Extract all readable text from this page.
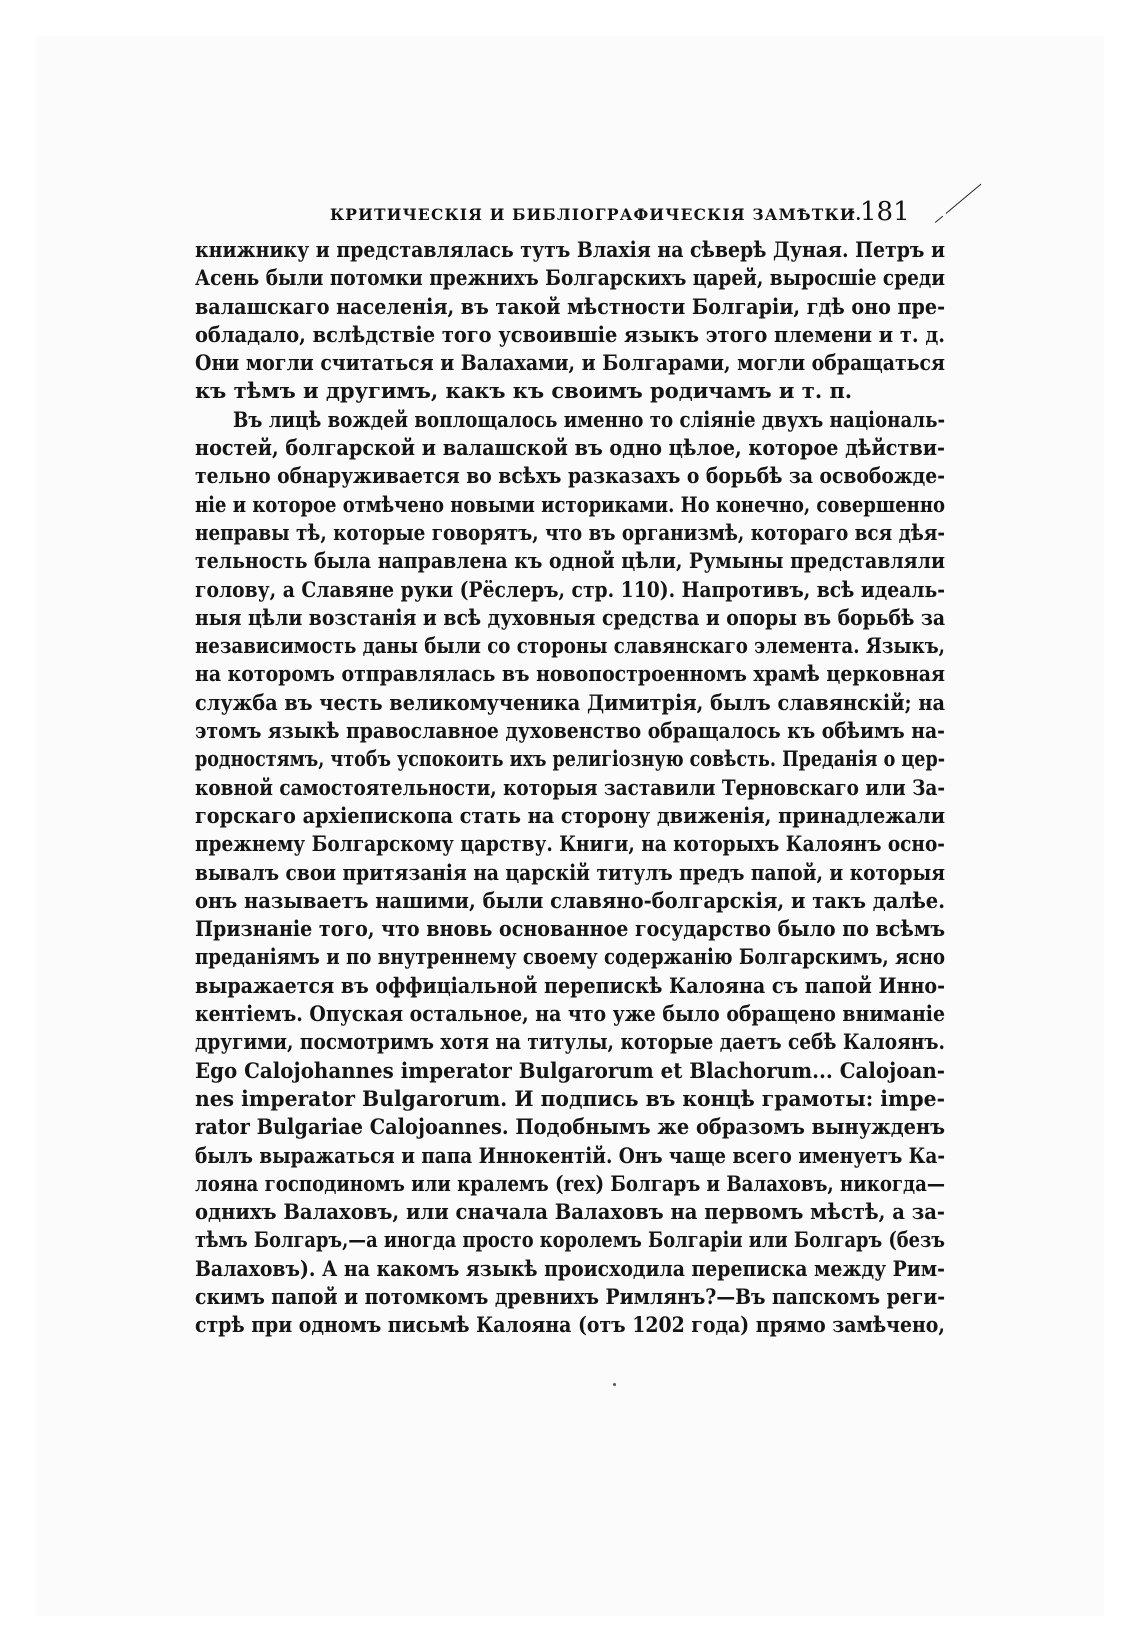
КРИТИЧЕСКІЯ И БИБЛІОГРАФИЧЕСКІЯ ЗАМѢТКИ.
· 181
книжнику и представлялась тутъ Влахія на сѣверѣ Дуная. Петръ и
Асень были потомки прежнихъ Болгарскихъ царей, выросшіе среди
валашскаго населенія, въ такой мѣстности Болгаріи, гдѣ оно пре-
обладало, вслѣдствіе того усвоившіе языкъ этого племени и т. д.
Они могли считаться и Валахами, и Болгарами, могли обращаться
къ тѣмъ и другимъ, какъ къ своимъ родичамъ и т. п.
Въ лицѣ вождей воплощалось именно то сліяніе двухъ національ-
ностей, болгарской и валашской въ одно цѣлое, которое дѣйстви-
тельно обнаруживается во всѣхъ разказахъ о борьбѣ за освобожде-
ніе и которое отмѣчено новыми историками. Но конечно, совершенно
неправы тѣ, которые говорятъ, что въ организмѣ, котораго вся дѣя-
тельность была направлена къ одной цѣли, Румыны представляли
голову, а Славяне руки (Рёслеръ, стр. 110). Напротивъ, всѣ идеаль-
ныя цѣли возстанія и всѣ духовныя средства и опоры въ борьбѣ за
независимость даны были со стороны славянскаго элемента. Языкъ,
на которомъ отправлялась въ новопостроенномъ храмѣ церковная
служба въ честь великомученика Димитрія, былъ славянскій; на
этомъ языкѣ православное духовенство обращалось къ обѣимъ на-
родностямъ, чтобъ успокоить ихъ религіозную совѣсть. Преданія о цер-
ковной самостоятельности, которыя заставили Терновскаго или За-
горскаго архіепископа стать на сторону движенія, принадлежали
прежнему Болгарскому царству. Книги, на которыхъ Калоянъ осно-
вывалъ свои притязанія на царскій титулъ предъ папой, и которыя
онъ называетъ нашими, были славяно-болгарскія, и такъ далѣе.
Признаніе того, что вновь основанное государство было по всѣмъ
преданіямъ и по внутреннему своему содержанію Болгарскимъ, ясно
выражается въ оффиціальной перепискѣ Калояна съ папой Инно-
кентіемъ. Опуская остальное, на что уже было обращено вниманіе
другими, посмотримъ хотя на титулы, которые даетъ себѣ Калоянъ.
Ego Calojohannes imperator Bulgarorum et Blachorum... Calojoan-
nes imperator Bulgarorum. И подпись въ концѣ грамоты: impe-
rator Bulgariae Calojoannes. Подобнымъ же образомъ вынужденъ
былъ выражаться и папа Иннокентій. Онъ чаще всего именуетъ Ка-
лояна господиномъ или кралемъ (rex) Болгаръ и Валаховъ, никогда—
однихъ Валаховъ, или сначала Валаховъ на первомъ мѣстѣ, а за-
тѣмъ Болгаръ,—а иногда просто королемъ Болгаріи или Болгаръ (безъ
Валаховъ). А на какомъ языкѣ происходила переписка между Рим-
скимъ папой и потомкомъ древнихъ Римлянъ?—Въ папскомъ реги-
стрѣ при одномъ письмѣ Калояна (отъ 1202 года) прямо замѣчено,
